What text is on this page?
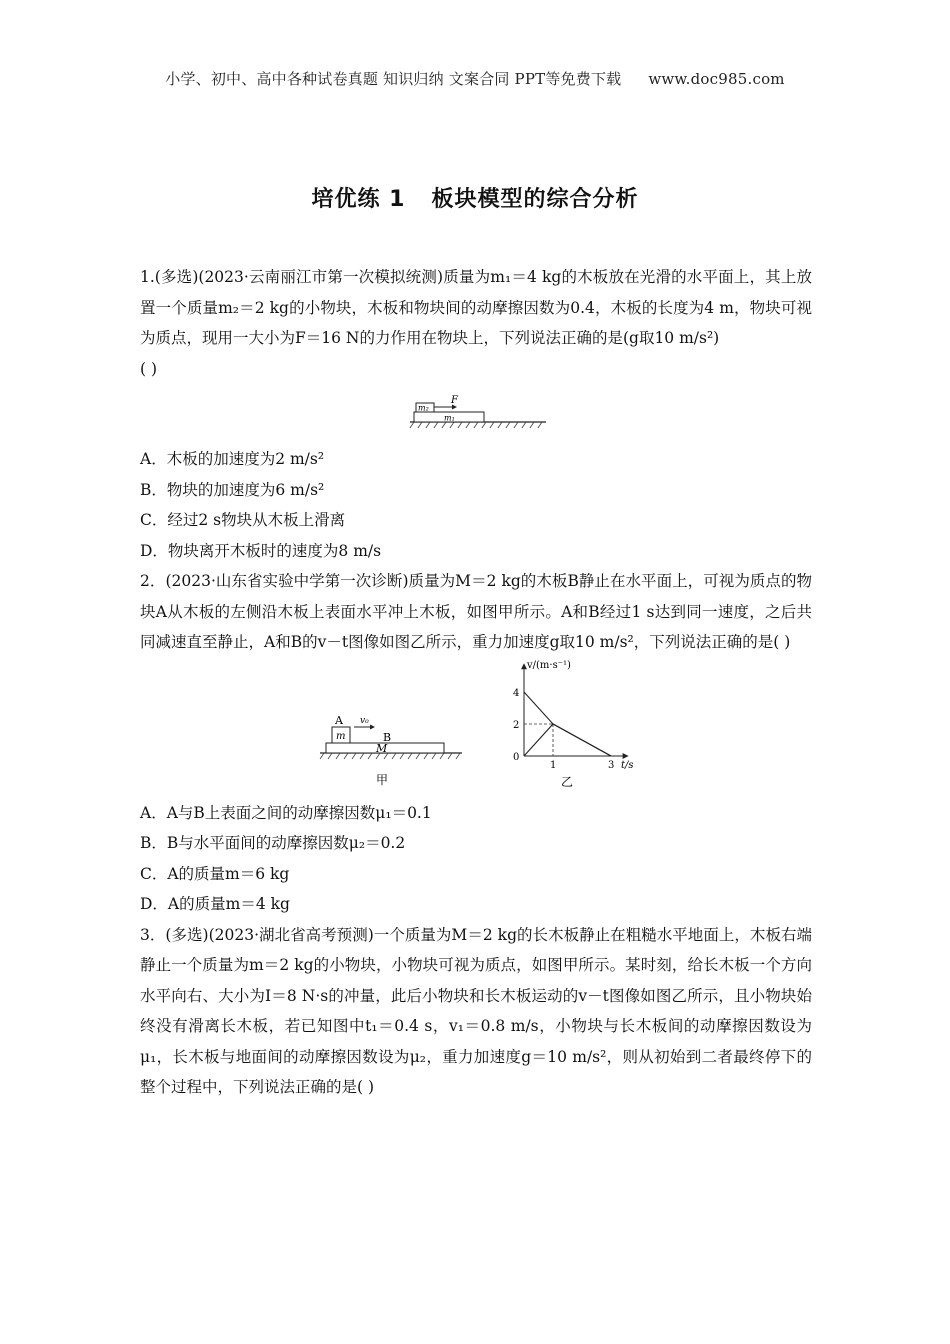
小学、初中、高中各种试卷真题 知识归纳 文案合同 PPT等免费下载 www.doc985.com
培优练 1 板块模型的综合分析
1.(多选)(2023·云南丽江市第一次模拟统测)质量为m₁＝4 kg的木板放在光滑的水平面上，其上放置一个质量m₂＝2 kg的小物块，木板和物块间的动摩擦因数为0.4，木板的长度为4 m，物块可视为质点，现用一大小为F＝16 N的力作用在物块上，下列说法正确的是(g取10 m/s²)
( )
m₁
m₂
F
A．木板的加速度为2 m/s²
B．物块的加速度为6 m/s²
C．经过2 s物块从木板上滑离
D．物块离开木板时的速度为8 m/s
2．(2023·山东省实验中学第一次诊断)质量为M＝2 kg的木板B静止在水平面上，可视为质点的物块A从木板的左侧沿木板上表面水平冲上木板，如图甲所示。A和B经过1 s达到同一速度，之后共同减速直至静止，A和B的v－t图像如图乙所示，重力加速度g取10 m/s²，下列说法正确的是( )
M
m
A v₀
B
甲
v/(m·s⁻¹)
t/s
0
1	3
2
4
乙
A．A与B上表面之间的动摩擦因数μ₁＝0.1
B．B与水平面间的动摩擦因数μ₂＝0.2
C．A的质量m＝6 kg
D．A的质量m＝4 kg
3．(多选)(2023·湖北省高考预测)一个质量为M＝2 kg的长木板静止在粗糙水平地面上，木板右端静止一个质量为m＝2 kg的小物块，小物块可视为质点，如图甲所示。某时刻，给长木板一个方向水平向右、大小为I＝8 N·s的冲量，此后小物块和长木板运动的v－t图像如图乙所示，且小物块始终没有滑离长木板，若已知图中t₁＝0.4 s，v₁＝0.8 m/s，小物块与长木板间的动摩擦因数设为μ₁，长木板与地面间的动摩擦因数设为μ₂，重力加速度g＝10 m/s²，则从初始到二者最终停下的整个过程中，下列说法正确的是( )
